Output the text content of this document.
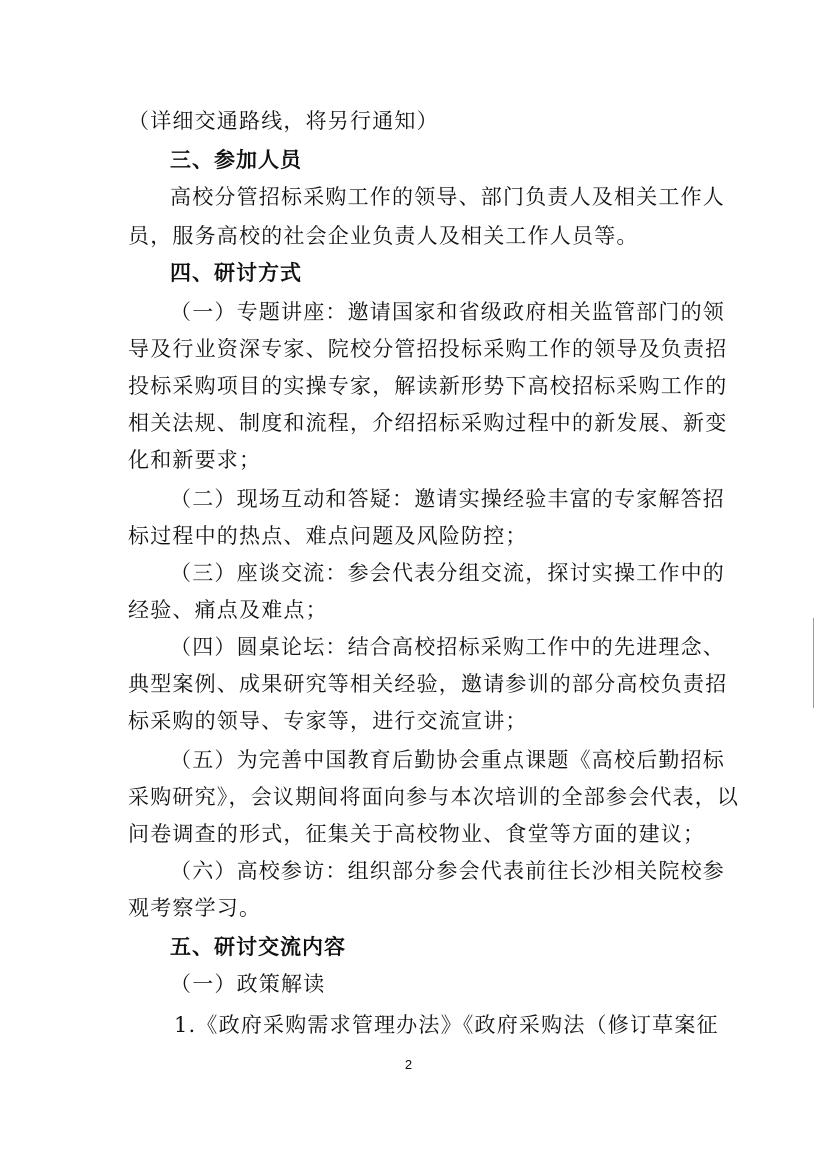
（详细交通路线，将另行通知）
三、参加人员
高校分管招标采购工作的领导、部门负责人及相关工作人
员，服务高校的社会企业负责人及相关工作人员等。
四、研讨方式
（一）专题讲座：邀请国家和省级政府相关监管部门的领
导及行业资深专家、院校分管招投标采购工作的领导及负责招
投标采购项目的实操专家，解读新形势下高校招标采购工作的
相关法规、制度和流程，介绍招标采购过程中的新发展、新变
化和新要求；
（二）现场互动和答疑：邀请实操经验丰富的专家解答招
标过程中的热点、难点问题及风险防控；
（三）座谈交流：参会代表分组交流，探讨实操工作中的
经验、痛点及难点；
（四）圆桌论坛：结合高校招标采购工作中的先进理念、
典型案例、成果研究等相关经验，邀请参训的部分高校负责招
标采购的领导、专家等，进行交流宣讲；
（五）为完善中国教育后勤协会重点课题《高校后勤招标
采购研究》，会议期间将面向参与本次培训的全部参会代表，以
问卷调查的形式，征集关于高校物业、食堂等方面的建议；
（六）高校参访：组织部分参会代表前往长沙相关院校参
观考察学习。
五、研讨交流内容
（一）政策解读
1.《政府采购需求管理办法》《政府采购法（修订草案征
2
